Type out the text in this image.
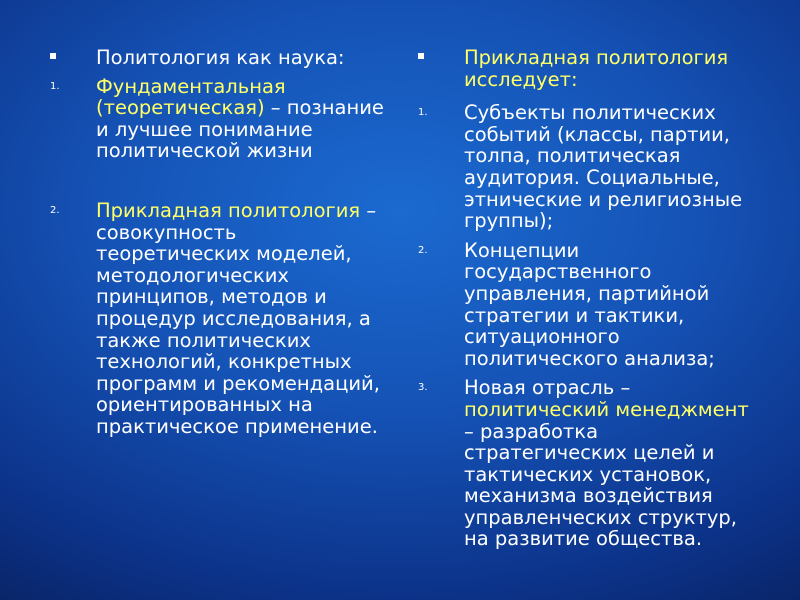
Политология как наука:
1. Фундаментальная (теоретическая) – познание и лучшее понимание политической жизни
2. Прикладная политология – совокупность теоретических моделей, методологических принципов, методов и процедур исследования, а также политических технологий, конкретных программ и рекомендаций, ориентированных на практическое применение.
Прикладная политология исследует:
1. Субъекты политических событий (классы, партии, толпа, политическая аудитория. Социальные, этнические и религиозные группы);
2. Концепции государственного управления, партийной стратегии и тактики, ситуационного политического анализа;
3. Новая отрасль – политический менеджмент – разработка стратегических целей и тактических установок, механизма воздействия управленческих структур, на развитие общества.
